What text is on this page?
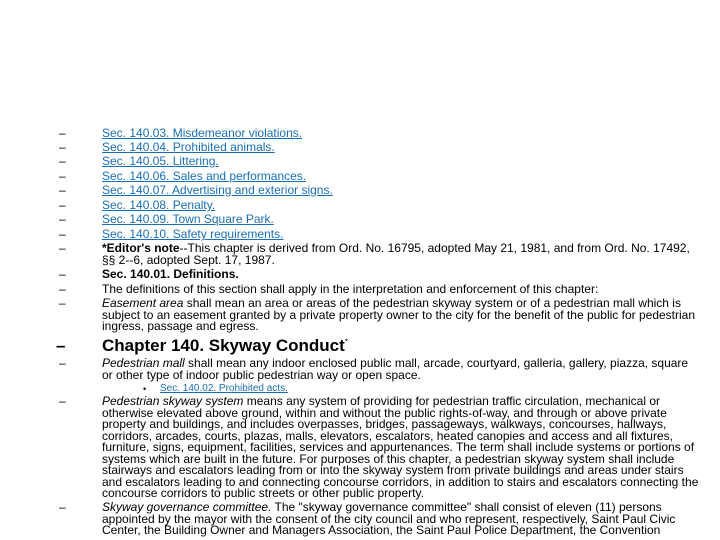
–	Sec. 140.03. Misdemeanor violations.
–	Sec. 140.04. Prohibited animals.
–	Sec. 140.05. Littering.
–	Sec. 140.06. Sales and performances.
–	Sec. 140.07. Advertising and exterior signs.
–	Sec. 140.08. Penalty.
–	Sec. 140.09. Town Square Park.
–	Sec. 140.10. Safety requirements.
–	*Editor's note--This chapter is derived from Ord. No. 16795, adopted May 21, 1981, and from Ord. No. 17492, §§ 2--6, adopted Sept. 17, 1987.
–	Sec. 140.01. Definitions.
–	The definitions of this section shall apply in the interpretation and enforcement of this chapter:
–	Easement area shall mean an area or areas of the pedestrian skyway system or of a pedestrian mall which is subject to an easement granted by a private property owner to the city for the benefit of the public for pedestrian ingress, passage and egress.
– Chapter 140. Skyway Conduct*
–	Pedestrian mall shall mean any indoor enclosed public mall, arcade, courtyard, galleria, gallery, piazza, square or other type of indoor public pedestrian way or open space.
• Sec. 140.02. Prohibited acts.
–	Pedestrian skyway system means any system of providing for pedestrian traffic circulation, mechanical or otherwise elevated above ground, within and without the public rights-of-way, and through or above private property and buildings, and includes overpasses, bridges, passageways, walkways, concourses, hallways, corridors, arcades, courts, plazas, malls, elevators, escalators, heated canopies and access and all fixtures, furniture, signs, equipment, facilities, services and appurtenances. The term shall include systems or portions of systems which are built in the future. For purposes of this chapter, a pedestrian skyway system shall include stairways and escalators leading from or into the skyway system from private buildings and areas under stairs and escalators leading to and connecting concourse corridors, in addition to stairs and escalators connecting the concourse corridors to public streets or other public property.
–	Skyway governance committee. The "skyway governance committee" shall consist of eleven (11) persons appointed by the mayor with the consent of the city council and who represent, respectively, Saint Paul Civic Center, the Building Owner and Managers Association, the Saint Paul Police Department, the Convention
